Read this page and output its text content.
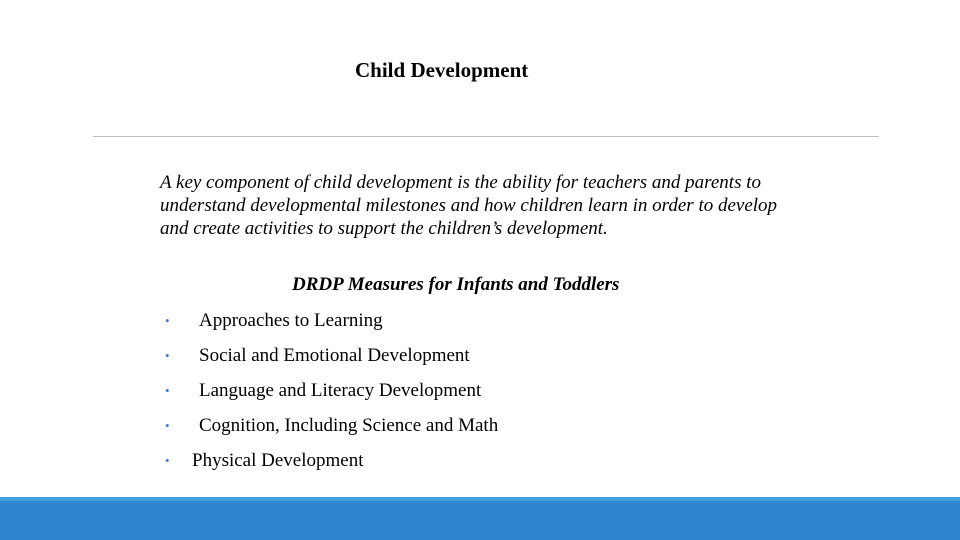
Child Development
A key component of child development is the ability for teachers and parents to understand developmental milestones and how children learn in order to develop and create activities to support the children’s development.
DRDP Measures for Infants and Toddlers
• Approaches to Learning
• Social and Emotional Development
• Language and Literacy Development
• Cognition, Including Science and Math
• Physical Development
